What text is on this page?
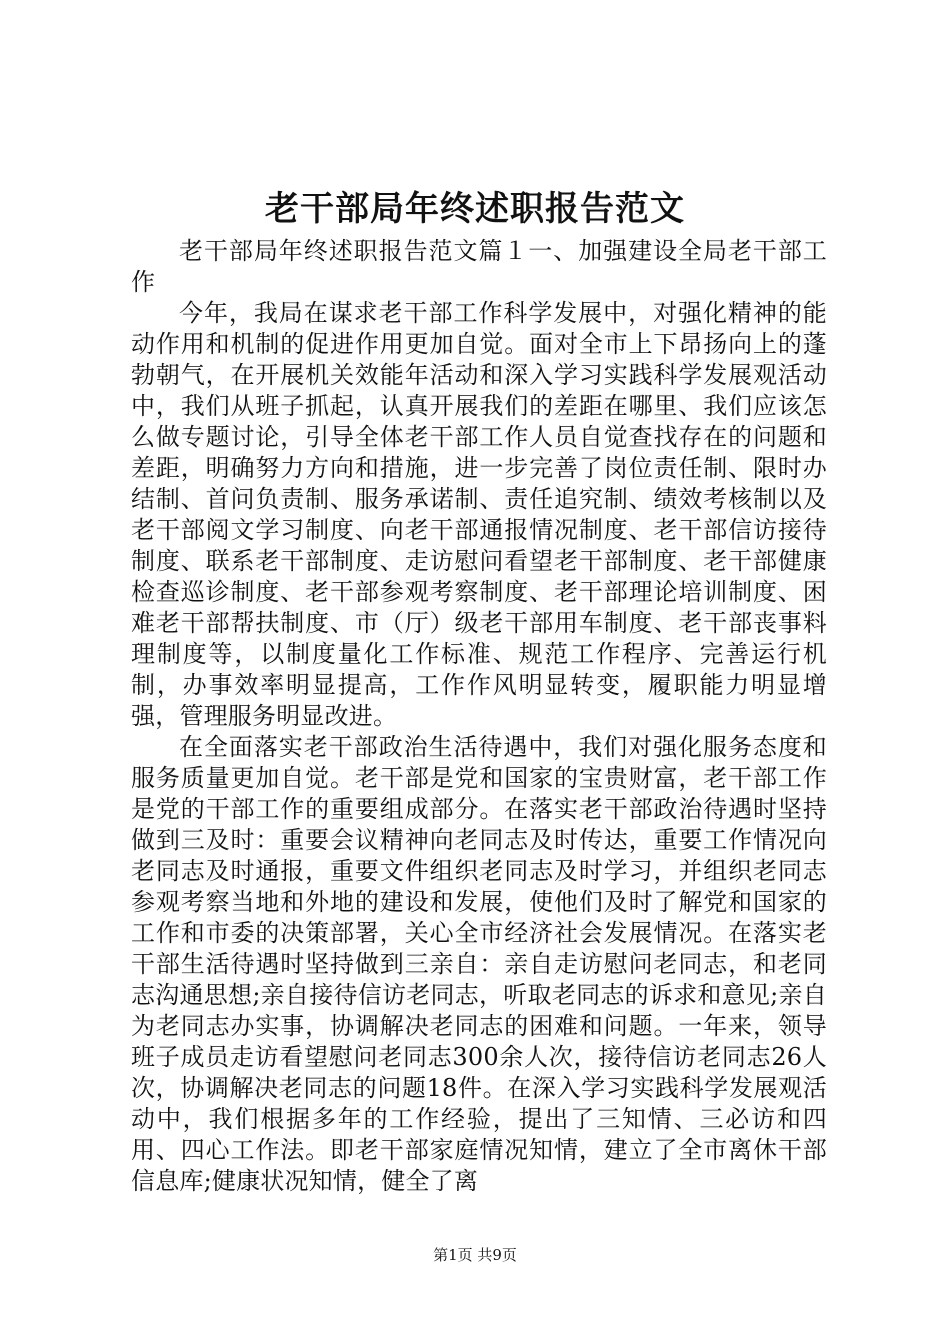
老干部局年终述职报告范文

老干部局年终述职报告范文篇１一、加强建设全局老干部工作

今年，我局在谋求老干部工作科学发展中，对强化精神的能动作用和机制的促进作用更加自觉。面对全市上下昂扬向上的蓬勃朝气，在开展机关效能年活动和深入学习实践科学发展观活动中，我们从班子抓起，认真开展我们的差距在哪里、我们应该怎么做专题讨论，引导全体老干部工作人员自觉查找存在的问题和差距，明确努力方向和措施，进一步完善了岗位责任制、限时办结制、首问负责制、服务承诺制、责任追究制、绩效考核制以及老干部阅文学习制度、向老干部通报情况制度、老干部信访接待制度、联系老干部制度、走访慰问看望老干部制度、老干部健康检查巡诊制度、老干部参观考察制度、老干部理论培训制度、困难老干部帮扶制度、市（厅）级老干部用车制度、老干部丧事料理制度等，以制度量化工作标准、规范工作程序、完善运行机制，办事效率明显提高，工作作风明显转变，履职能力明显增强，管理服务明显改进。

在全面落实老干部政治生活待遇中，我们对强化服务态度和服务质量更加自觉。老干部是党和国家的宝贵财富，老干部工作是党的干部工作的重要组成部分。在落实老干部政治待遇时坚持做到三及时：重要会议精神向老同志及时传达，重要工作情况向老同志及时通报，重要文件组织老同志及时学习，并组织老同志参观考察当地和外地的建设和发展，使他们及时了解党和国家的工作和市委的决策部署，关心全市经济社会发展情况。在落实老干部生活待遇时坚持做到三亲自：亲自走访慰问老同志，和老同志沟通思想;亲自接待信访老同志，听取老同志的诉求和意见;亲自为老同志办实事，协调解决老同志的困难和问题。一年来，领导班子成员走访看望慰问老同志300余人次，接待信访老同志26人次，协调解决老同志的问题18件。在深入学习实践科学发展观活动中，我们根据多年的工作经验，提出了三知情、三必访和四用、四心工作法。即老干部家庭情况知情，建立了全市离休干部信息库;健康状况知情，健全了离

第1页 共9页
